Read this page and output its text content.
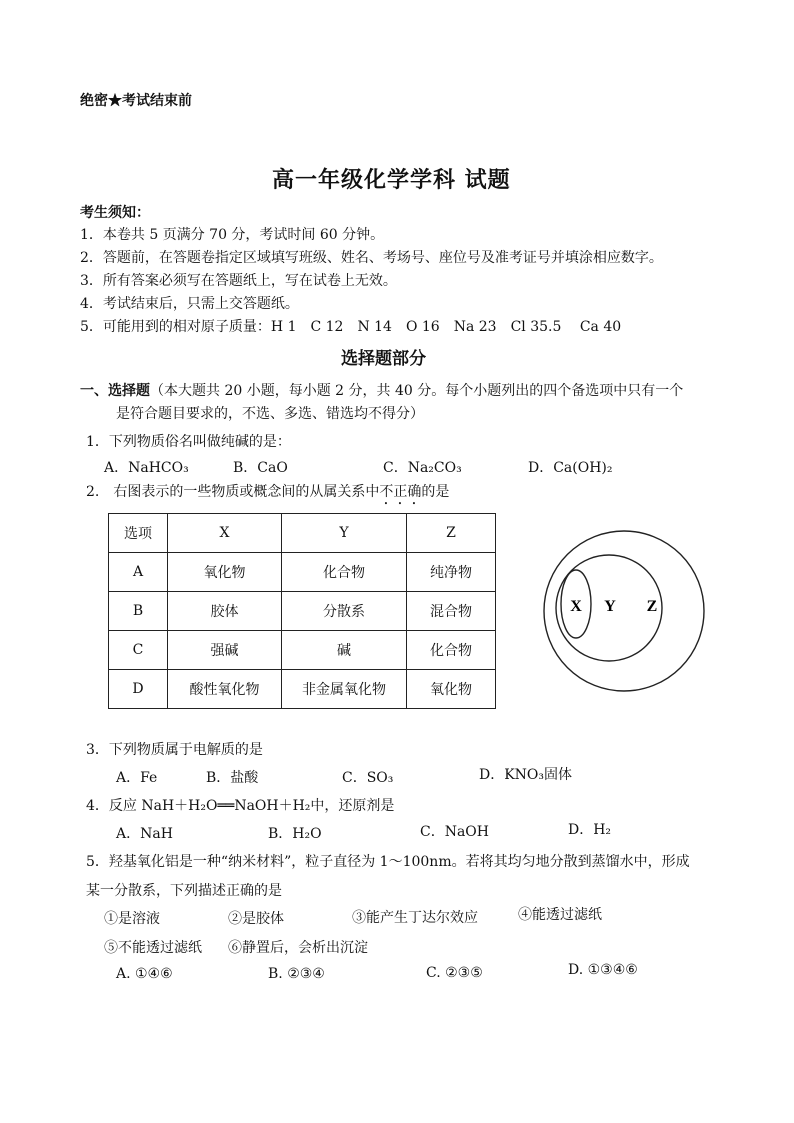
绝密★考试结束前
高一年级化学学科 试题
考生须知：
1．本卷共 5 页满分 70 分，考试时间 60 分钟。
2．答题前，在答题卷指定区域填写班级、姓名、考场号、座位号及准考证号并填涂相应数字。
3．所有答案必须写在答题纸上，写在试卷上无效。
4．考试结束后，只需上交答题纸。
5．可能用到的相对原子质量：H 1　C 12　N 14　O 16　Na 23　Cl 35.5　 Ca 40
选择题部分
一、选择题（本大题共 20 小题，每小题 2 分，共 40 分。每个小题列出的四个备选项中只有一个
是符合题目要求的，不选、多选、错选均不得分）
1．下列物质俗名叫做纯碱的是：
A．NaHCO₃	B．CaO	C．Na₂CO₃	D．Ca(OH)₂
2.　右图表示的一些物质或概念间的从属关系中不正确的是
选项	X	Y	Z
A	氧化物	化合物	纯净物
B	胶体	分散系	混合物
C	强碱	碱	化合物
D	酸性氧化物	非金属氧化物	氧化物
X Y Z
3．下列物质属于电解质的是
A．Fe	B．盐酸	C．SO₃	D．KNO₃固体
4．反应 NaH＋H₂O══NaOH＋H₂中，还原剂是
A．NaH	B．H₂O	C．NaOH	D．H₂
5．羟基氧化铝是一种“纳米材料”，粒子直径为 1～100nm。若将其均匀地分散到蒸馏水中，形成
某一分散系，下列描述正确的是
①是溶液	②是胶体	③能产生丁达尔效应	④能透过滤纸
⑤不能透过滤纸 ⑥静置后，会析出沉淀
A. ①④⑥	B. ②③④	C. ②③⑤	D. ①③④⑥
